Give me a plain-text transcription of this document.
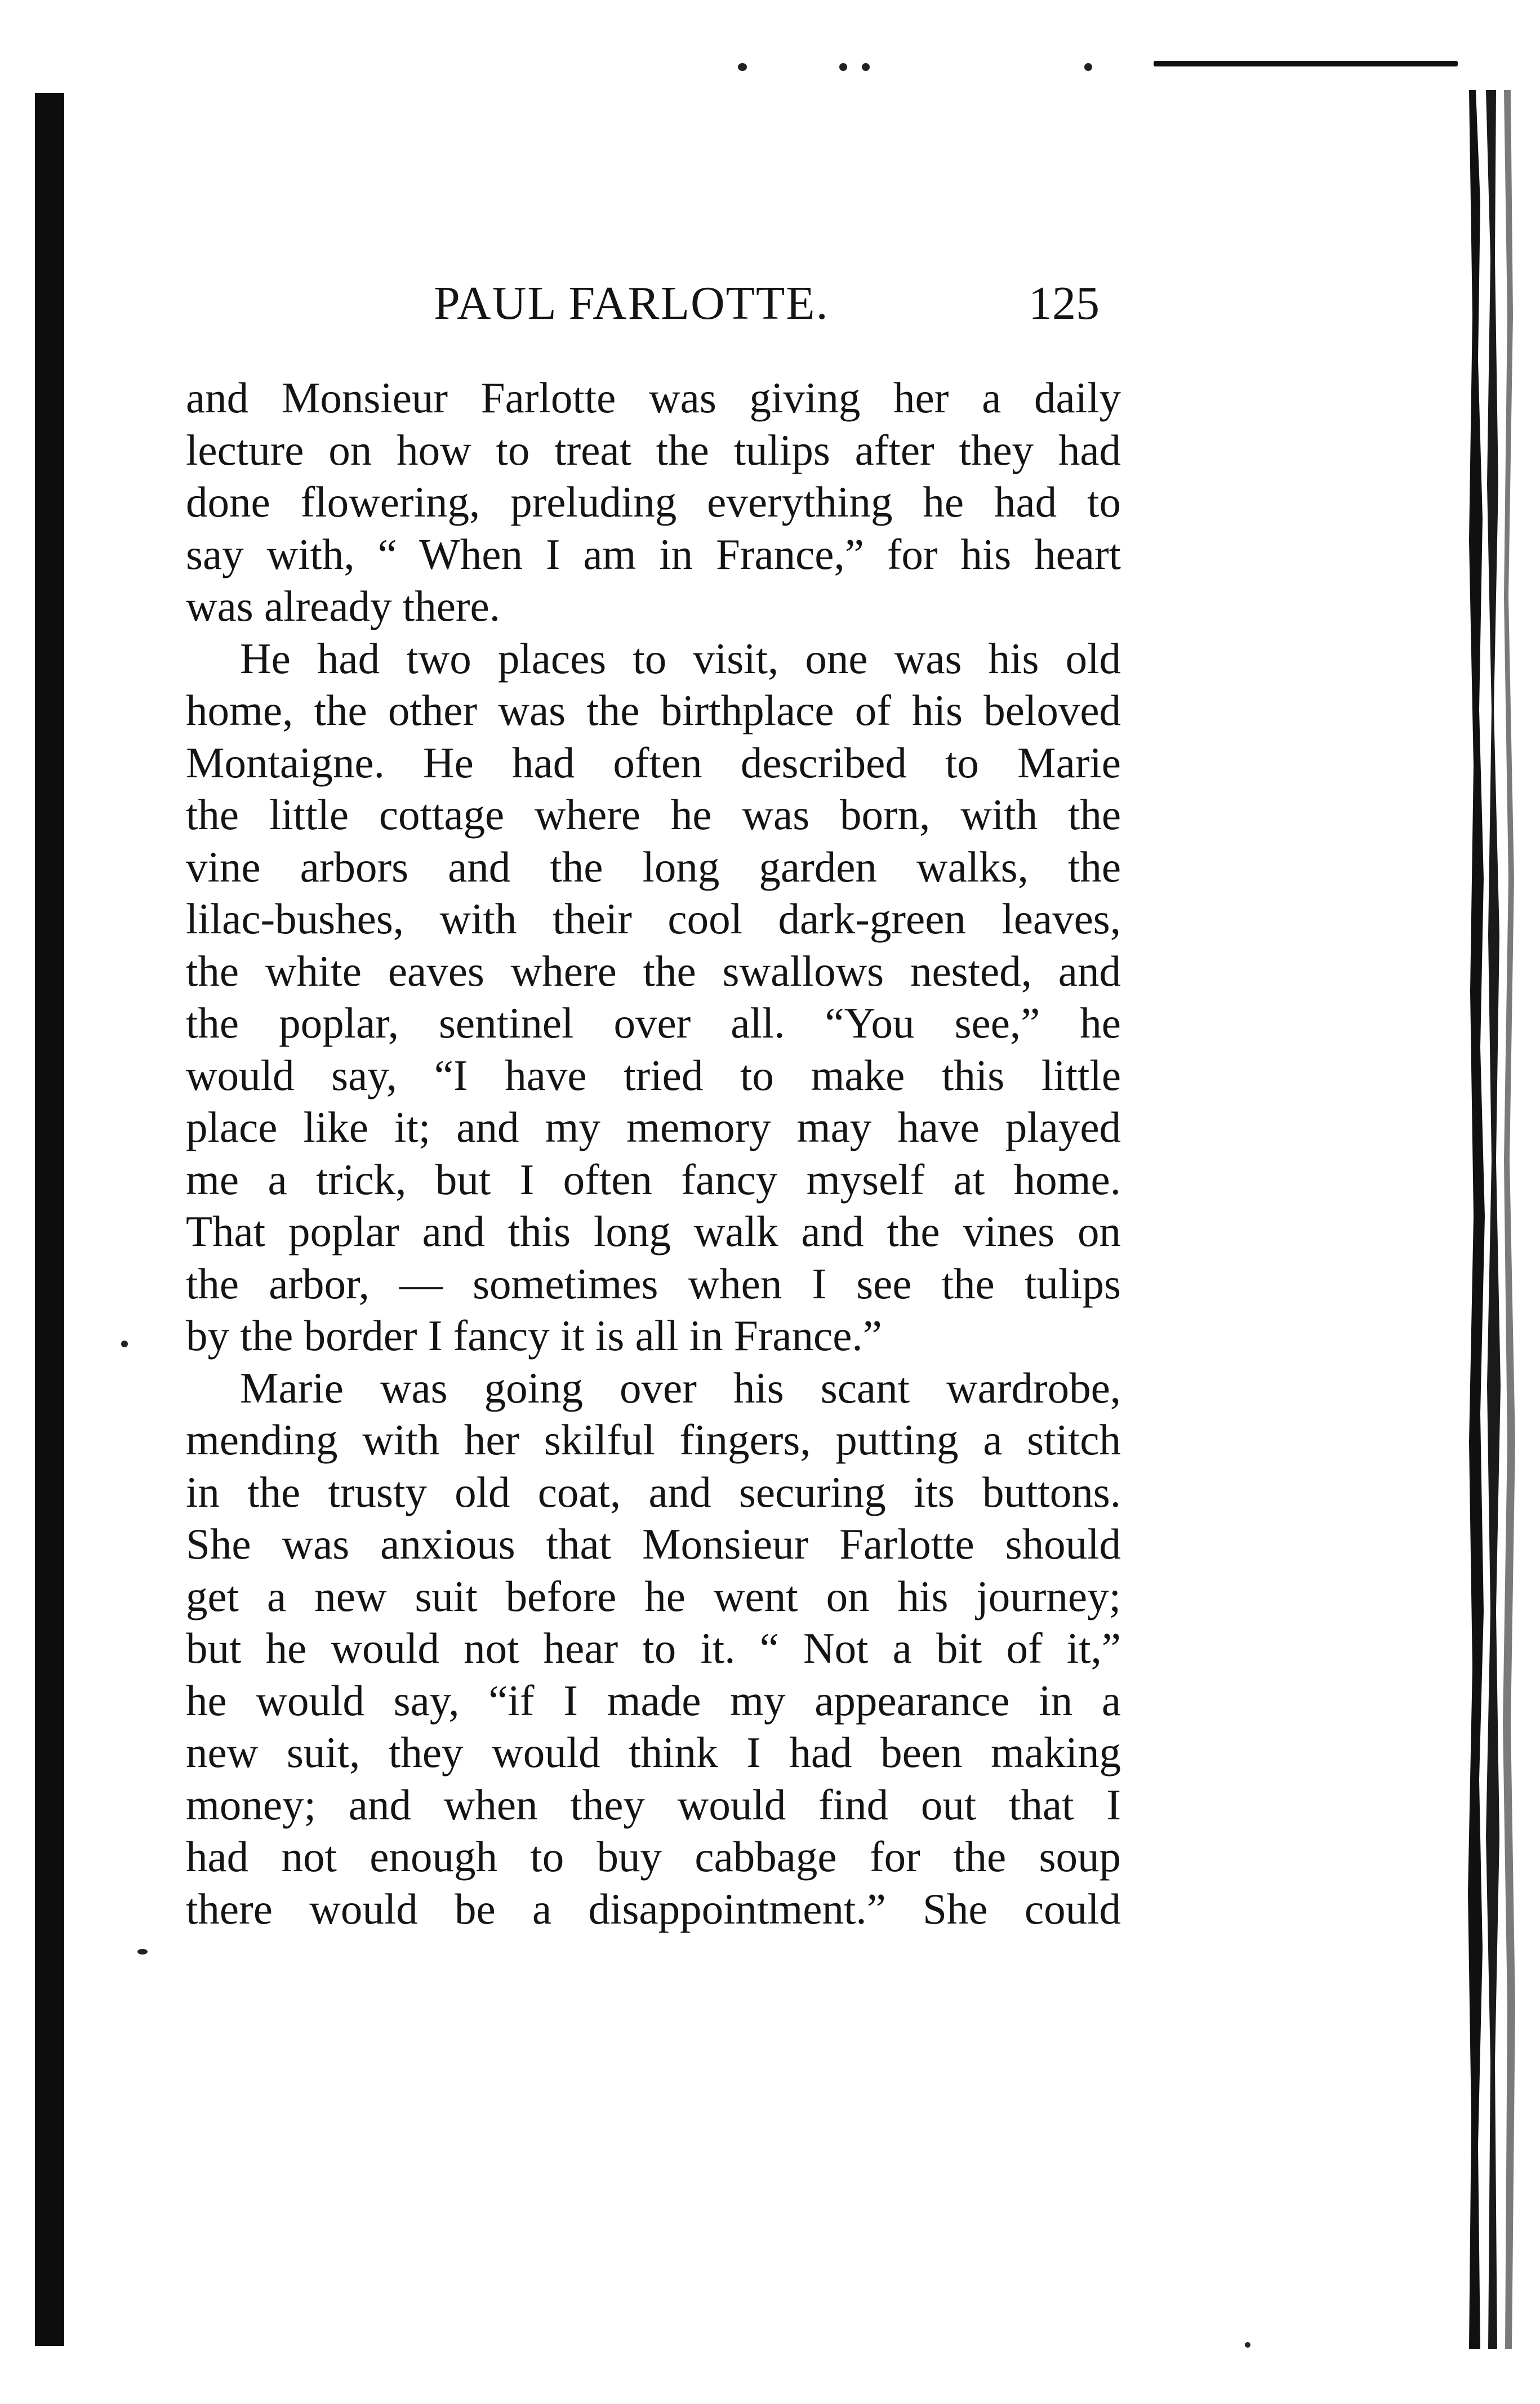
PAUL FARLOTTE.	125
and Monsieur Farlotte was giving her a daily
lecture on how to treat the tulips after they had
done flowering, preluding everything he had to
say with, “ When I am in France,” for his heart
was already there.
He had two places to visit, one was his old
home, the other was the birthplace of his beloved
Montaigne. He had often described to Marie
the little cottage where he was born, with the
vine arbors and the long garden walks, the
lilac-bushes, with their cool dark-green leaves,
the white eaves where the swallows nested, and
the poplar, sentinel over all. “You see,” he
would say, “I have tried to make this little
place like it; and my memory may have played
me a trick, but I often fancy myself at home.
That poplar and this long walk and the vines on
the arbor, — sometimes when I see the tulips
by the border I fancy it is all in France.”
Marie was going over his scant wardrobe,
mending with her skilful fingers, putting a stitch
in the trusty old coat, and securing its buttons.
She was anxious that Monsieur Farlotte should
get a new suit before he went on his journey;
but he would not hear to it. “ Not a bit of it,”
he would say, “if I made my appearance in a
new suit, they would think I had been making
money; and when they would find out that I
had not enough to buy cabbage for the soup
there would be a disappointment.” She could
